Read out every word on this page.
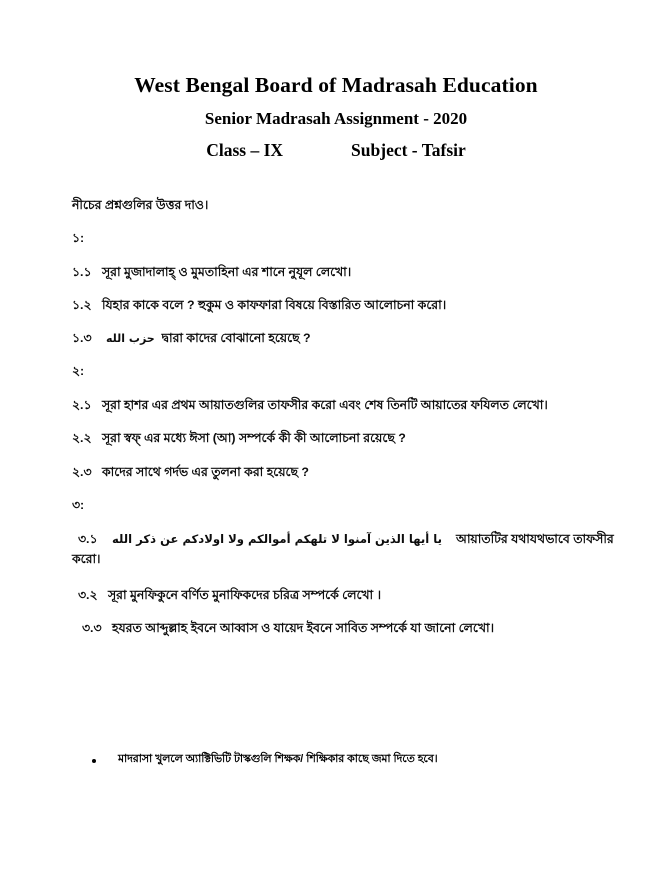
West Bengal Board of Madrasah Education
Senior Madrasah Assignment - 2020
Class – IX	Subject - Tafsir
নীচের প্রশ্নগুলির উত্তর দাও।
১:
১.১ সূরা মুজাদালাহ্ ও মুমতাহিনা এর শানে নুযূল লেখো।
১.২ যিহার কাকে বলে ? হুকুম ও কাফফারা বিষয়ে বিস্তারিত আলোচনা করো।
১.৩ حزب الله দ্বারা কাদের বোঝানো হয়েছে ?
২:
২.১ সূরা হাশর এর প্রথম আয়াতগুলির তাফসীর করো এবং শেষ তিনটি আয়াতের ফযিলত লেখো।
২.২ সূরা স্বফ্ এর মধ্যে ঈসা (আ) সম্পর্কে কী কী আলোচনা রয়েছে ?
২.৩ কাদের সাথে গর্দভ এর তুলনা করা হয়েছে ?
৩:
৩.১ يا أيها الذين آمنوا لا تلهكم أموالكم ولا اولادكم عن ذكر الله আয়াতটির যথাযথভাবে তাফসীর
করো।
৩.২ সূরা মুনফিকুনে বর্ণিত মুনাফিকদের চরিত্র সম্পর্কে লেখো ।
৩.৩ হযরত আব্দুল্লাহ ইবনে আব্বাস ও যায়েদ ইবনে সাবিত সম্পর্কে যা জানো লেখো।
মাদরাসা খুললে অ্যাক্টিভিটি টাস্কগুলি শিক্ষক/ শিক্ষিকার কাছে জমা দিতে হবে।
